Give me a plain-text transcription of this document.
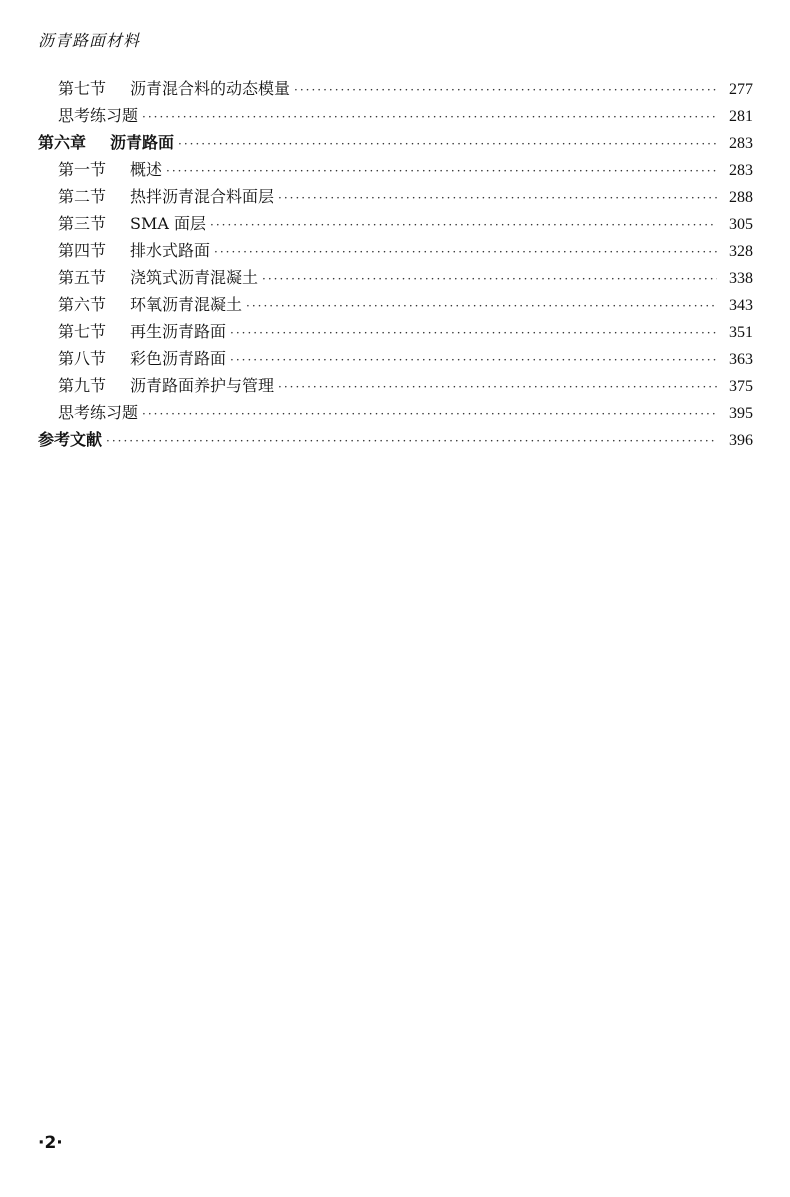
沥青路面材料
第七节	沥青混合料的动态模量 ·····	277
思考练习题 ·····	281
第六章	沥青路面 ·····	283
第一节	概述 ·····	283
第二节	热拌沥青混合料面层 ·····	288
第三节	SMA 面层 ·····	305
第四节	排水式路面 ·····	328
第五节	浇筑式沥青混凝土 ·····	338
第六节	环氧沥青混凝土 ·····	343
第七节	再生沥青路面 ·····	351
第八节	彩色沥青路面 ·····	363
第九节	沥青路面养护与管理 ·····	375
思考练习题 ·····	395
参考文献 ·····	396
·2·
